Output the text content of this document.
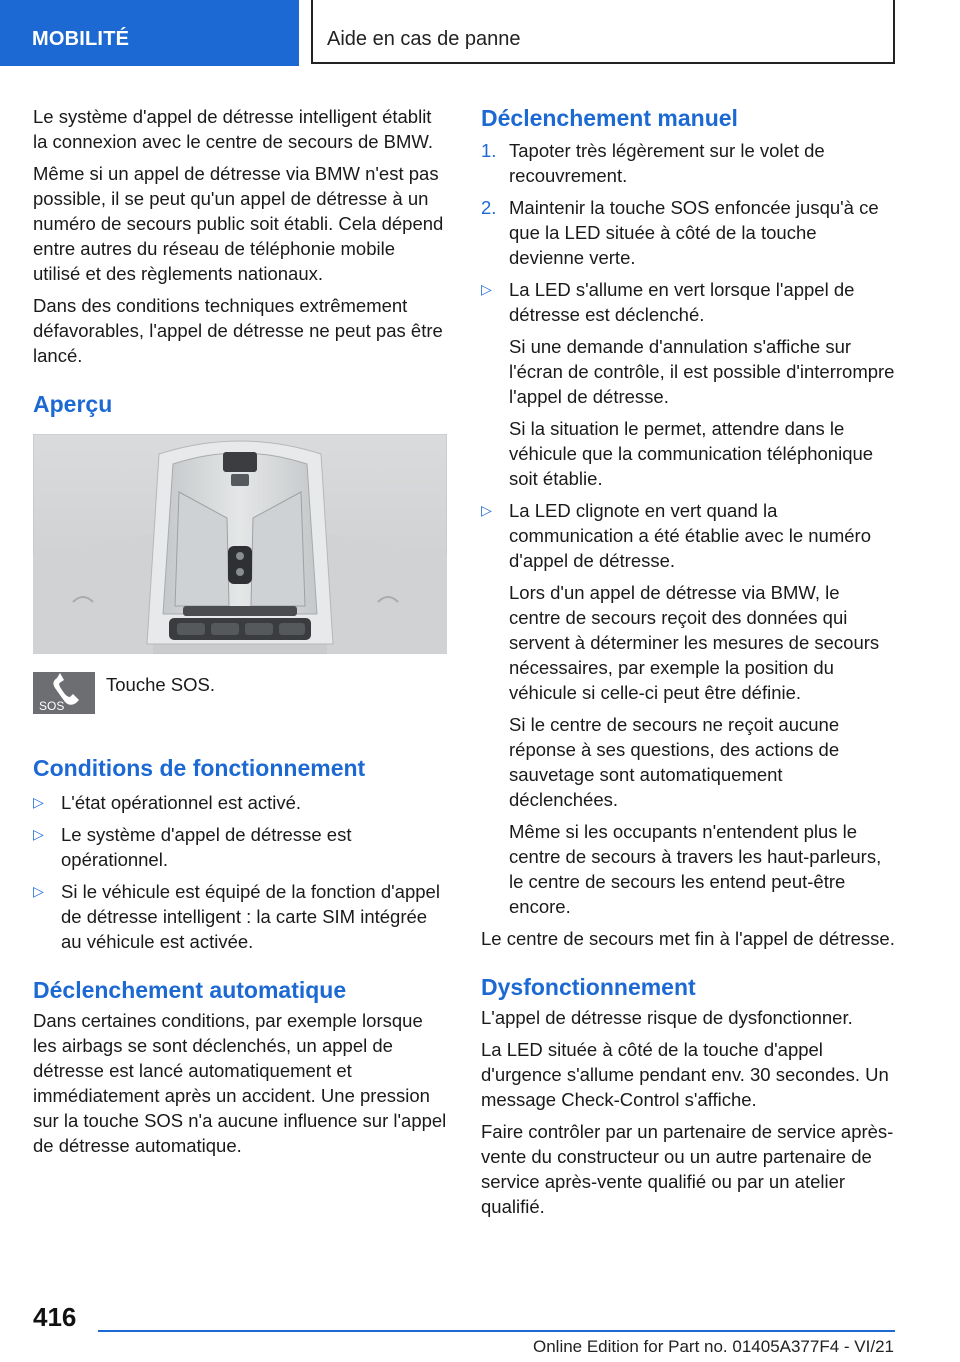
MOBILITÉ	Aide en cas de panne

Le système d'appel de détresse intelligent établit la connexion avec le centre de secours de BMW.

Même si un appel de détresse via BMW n'est pas possible, il se peut qu'un appel de détresse à un numéro de secours public soit établi. Cela dépend entre autres du réseau de téléphonie mobile utilisé et des règlements nationaux.

Dans des conditions techniques extrêmement défavorables, l'appel de détresse ne peut pas être lancé.

Aperçu
SOS
Touche SOS.
Conditions de fonctionnement
▷ L'état opérationnel est activé.
▷ Le système d'appel de détresse est opérationnel.
▷ Si le véhicule est équipé de la fonction d'appel de détresse intelligent : la carte SIM intégrée au véhicule est activée.
Déclenchement automatique

Dans certaines conditions, par exemple lorsque les airbags se sont déclenchés, un appel de détresse est lancé automatiquement et immédiatement après un accident. Une pression sur la touche SOS n'a aucune influence sur l'appel de détresse automatique.

Déclenchement manuel
1. Tapoter très légèrement sur le volet de recouvrement.
2. Maintenir la touche SOS enfoncée jusqu'à ce que la LED située à côté de la touche devienne verte.
▷ La LED s'allume en vert lorsque l'appel de détresse est déclenché.

Si une demande d'annulation s'affiche sur l'écran de contrôle, il est possible d'interrompre l'appel de détresse.

Si la situation le permet, attendre dans le véhicule que la communication téléphonique soit établie.

▷ La LED clignote en vert quand la communication a été établie avec le numéro d'appel de détresse.

Lors d'un appel de détresse via BMW, le centre de secours reçoit des données qui servent à déterminer les mesures de secours nécessaires, par exemple la position du véhicule si celle-ci peut être définie.

Si le centre de secours ne reçoit aucune réponse à ses questions, des actions de sauvetage sont automatiquement déclenchées.

Même si les occupants n'entendent plus le centre de secours à travers les haut-parleurs, le centre de secours les entend peut-être encore.

Le centre de secours met fin à l'appel de détresse.

Dysfonctionnement

L'appel de détresse risque de dysfonctionner.

La LED située à côté de la touche d'appel d'urgence s'allume pendant env. 30 secondes. Un message Check-Control s'affiche.

Faire contrôler par un partenaire de service après-vente du constructeur ou un autre partenaire de service après-vente qualifié ou par un atelier qualifié.

416
Online Edition for Part no. 01405A377F4 - VI/21
